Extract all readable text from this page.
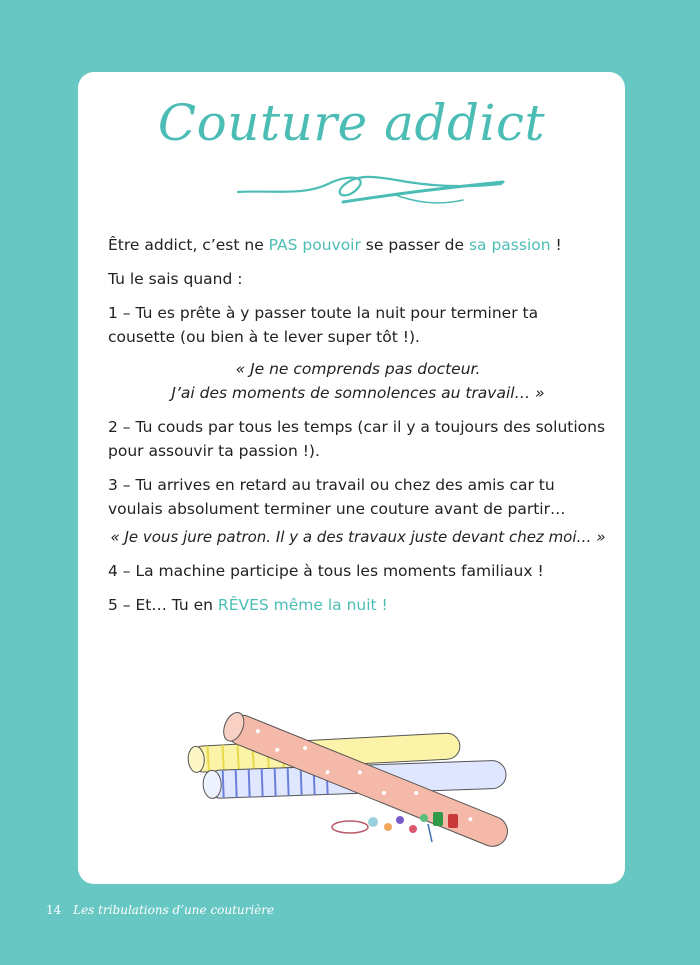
Couture addict

Être addict, c’est ne PAS pouvoir se passer de sa passion !

Tu le sais quand :

1 – Tu es prête à y passer toute la nuit pour terminer ta cousette (ou bien à te lever super tôt !).

« Je ne comprends pas docteur.
J’ai des moments de somnolences au travail… »

2 – Tu couds par tous les temps (car il y a toujours des solutions pour assouvir ta passion !).

3 – Tu arrives en retard au travail ou chez des amis car tu voulais absolument terminer une couture avant de partir…

« Je vous jure patron. Il y a des travaux juste devant chez moi… »

4 – La machine participe à tous les moments familiaux !

5 – Et… Tu en RÊVES même la nuit !

14 Les tribulations d’une couturière
